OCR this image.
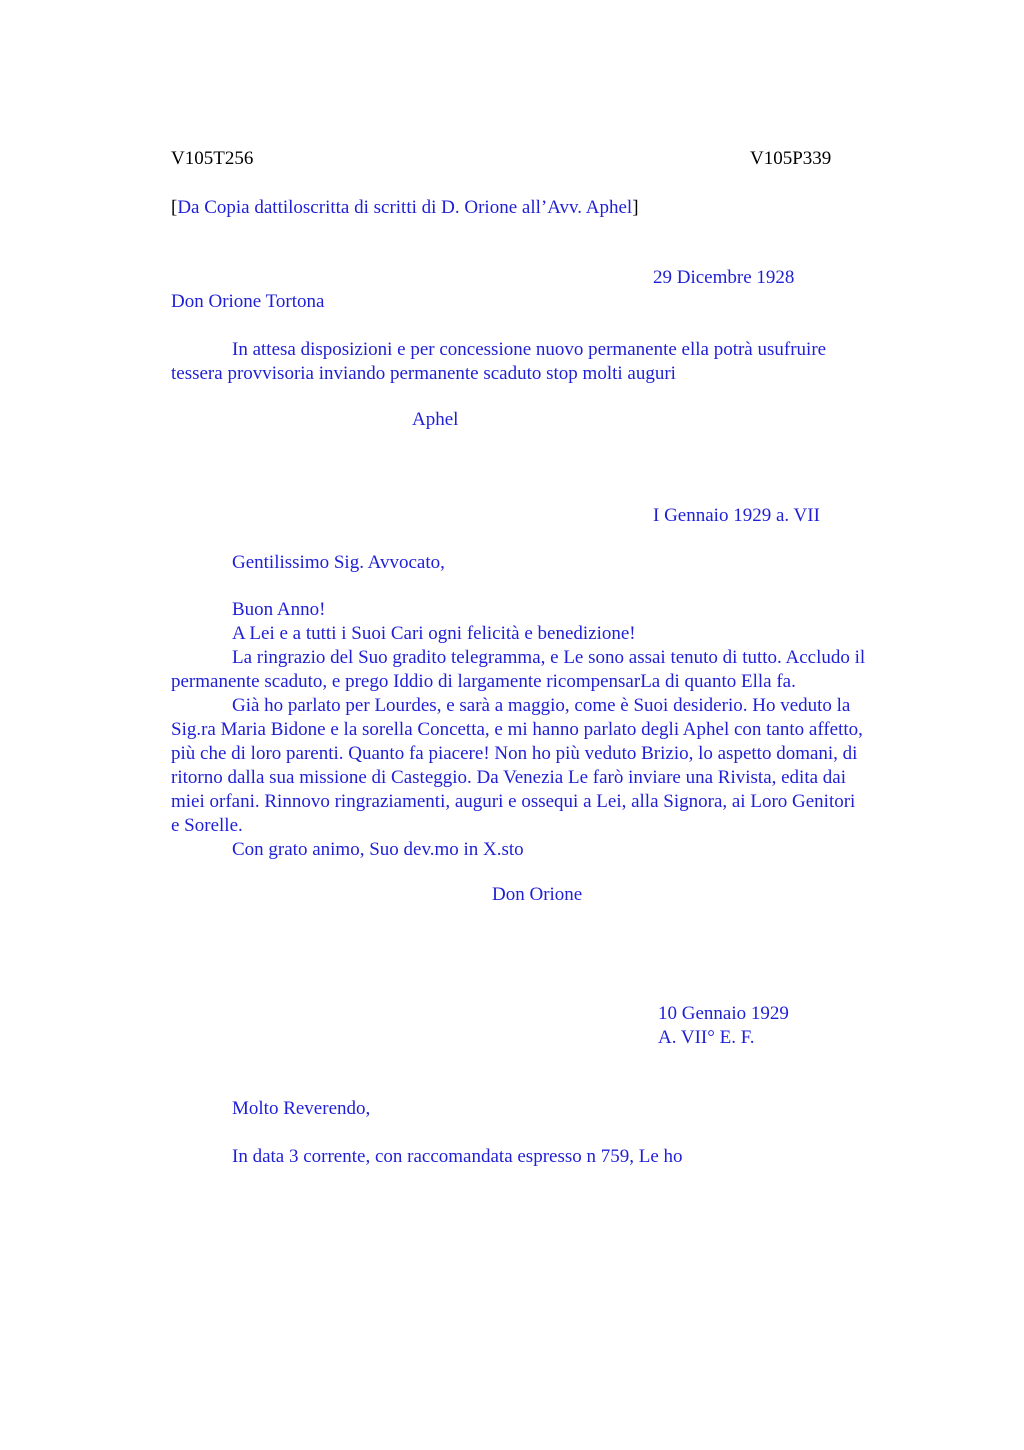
V105T256	V105P339
[Da Copia dattiloscritta di scritti di D. Orione all’Avv. Aphel]
29 Dicembre 1928
Don Orione Tortona
In attesa disposizioni e per concessione nuovo permanente ella potrà usufruire
tessera provvisoria inviando permanente scaduto stop molti auguri
Aphel
I Gennaio 1929 a. VII
Gentilissimo Sig. Avvocato,
Buon Anno!
A Lei e a tutti i Suoi Cari ogni felicità e benedizione!
La ringrazio del Suo gradito telegramma, e Le sono assai tenuto di tutto. Accludo il
permanente scaduto, e prego Iddio di largamente ricompensarLa di quanto Ella fa.
Già ho parlato per Lourdes, e sarà a maggio, come è Suoi desiderio. Ho veduto la
Sig.ra Maria Bidone e la sorella Concetta, e mi hanno parlato degli Aphel con tanto affetto,
più che di loro parenti. Quanto fa piacere! Non ho più veduto Brizio, lo aspetto domani, di
ritorno dalla sua missione di Casteggio. Da Venezia Le farò inviare una Rivista, edita dai
miei orfani. Rinnovo ringraziamenti, auguri e ossequi a Lei, alla Signora, ai Loro Genitori
e Sorelle.
Con grato animo, Suo dev.mo in X.sto
Don Orione
10 Gennaio 1929
A. VII° E. F.
Molto Reverendo,
In data 3 corrente, con raccomandata espresso n 759, Le ho
